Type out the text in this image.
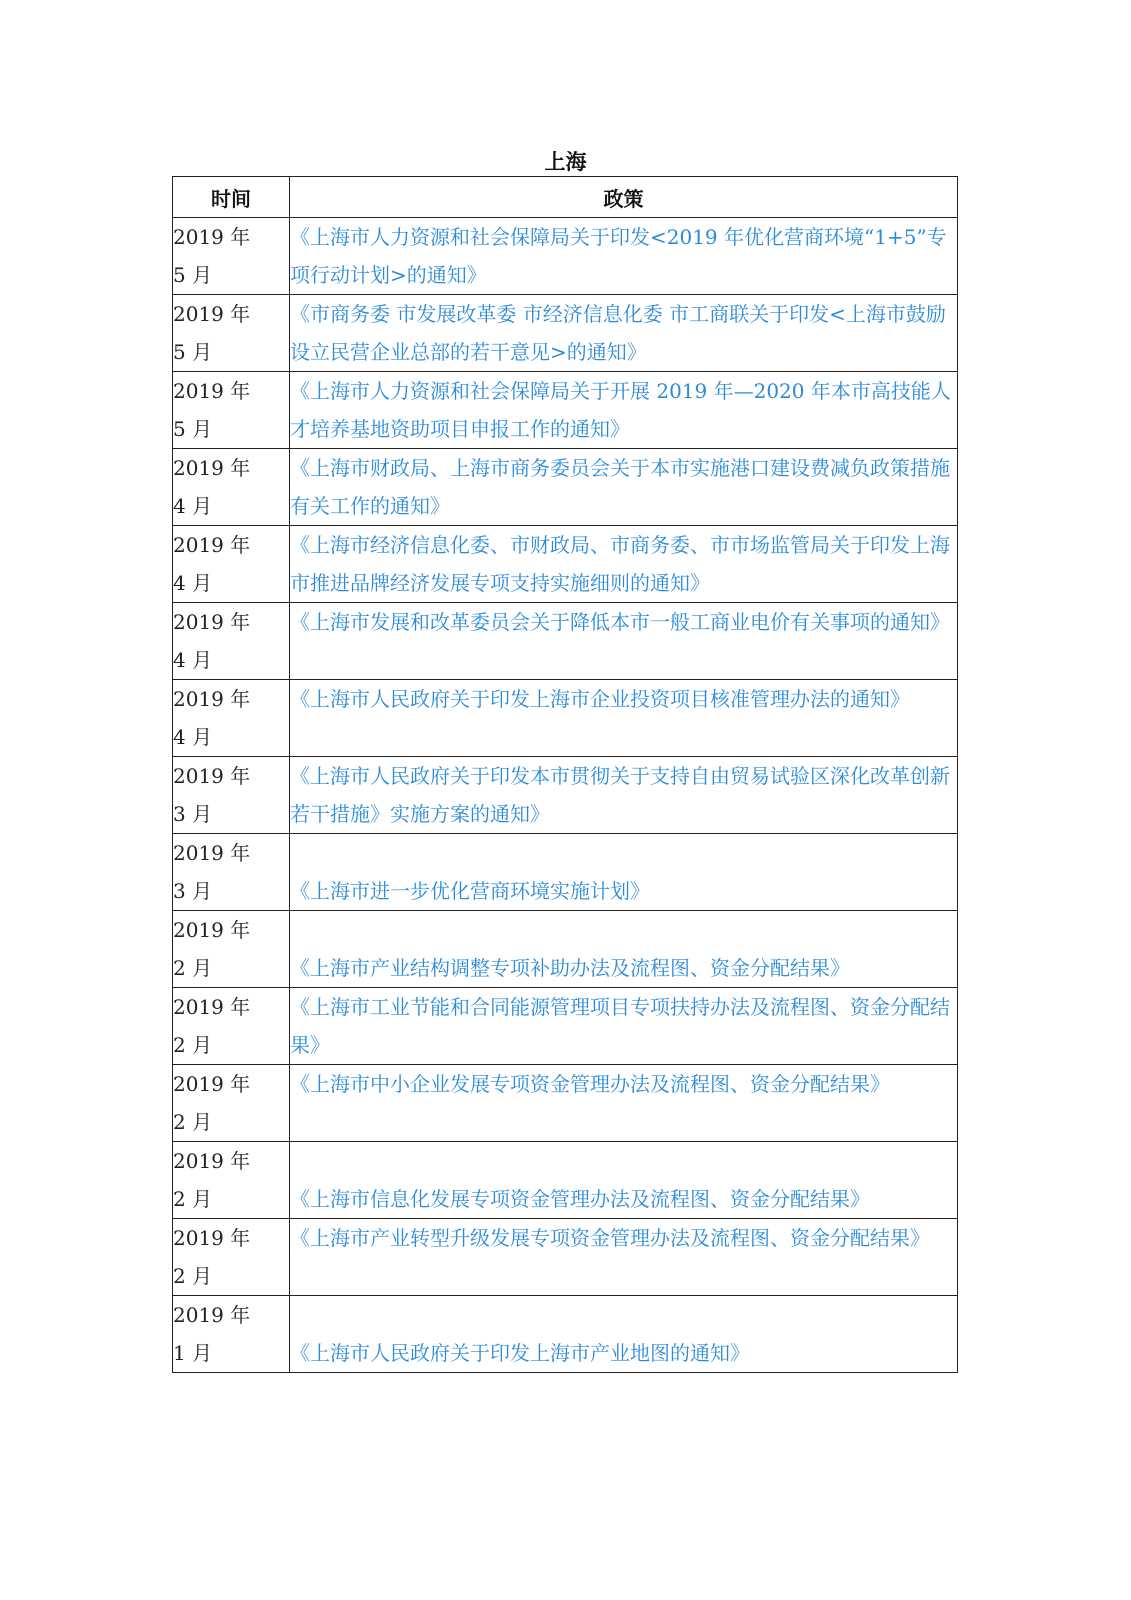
上海
时间	政策

2019 年 5 月	《上海市人力资源和社会保障局关于印发<2019 年优化营商环境“1+5”专项行动计划>的通知》

2019 年 5 月	《市商务委 市发展改革委 市经济信息化委 市工商联关于印发<上海市鼓励设立民营企业总部的若干意见>的通知》

2019 年 5 月	《上海市人力资源和社会保障局关于开展 2019 年—2020 年本市高技能人才培养基地资助项目申报工作的通知》

2019 年 4 月	《上海市财政局、上海市商务委员会关于本市实施港口建设费减负政策措施有关工作的通知》

2019 年 4 月	《上海市经济信息化委、市财政局、市商务委、市市场监管局关于印发上海市推进品牌经济发展专项支持实施细则的通知》

2019 年 4 月	《上海市发展和改革委员会关于降低本市一般工商业电价有关事项的通知》

2019 年 4 月	《上海市人民政府关于印发上海市企业投资项目核准管理办法的通知》

2019 年 3 月	《上海市人民政府关于印发本市贯彻关于支持自由贸易试验区深化改革创新若干措施》实施方案的通知》

2019 年 3 月	《上海市进一步优化营商环境实施计划》

2019 年 2 月	《上海市产业结构调整专项补助办法及流程图、资金分配结果》

2019 年 2 月	《上海市工业节能和合同能源管理项目专项扶持办法及流程图、资金分配结果》

2019 年 2 月	《上海市中小企业发展专项资金管理办法及流程图、资金分配结果》

2019 年 2 月	《上海市信息化发展专项资金管理办法及流程图、资金分配结果》

2019 年 2 月	《上海市产业转型升级发展专项资金管理办法及流程图、资金分配结果》

2019 年 1 月	《上海市人民政府关于印发上海市产业地图的通知》
